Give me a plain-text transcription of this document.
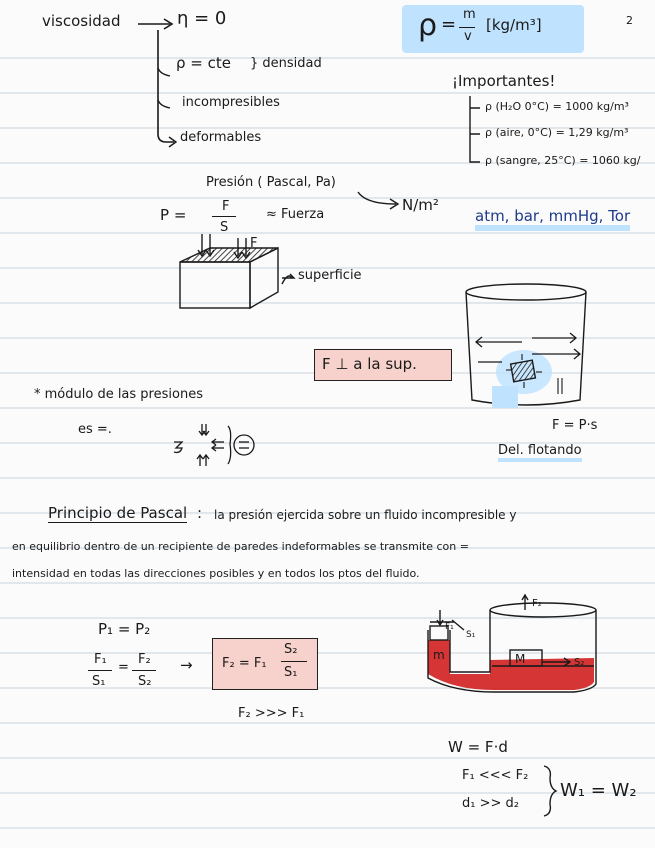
2
viscosidad	η = 0
ρ = cte } densidad
incompresibles
deformables
ρ = m
v
[kg/m³]
¡Importantes!
ρ (H₂O 0°C) = 1000 kg/m³
ρ (aire, 0°C) = 1,29 kg/m³
ρ (sangre, 25°C) = 1060 kg/
Presión ( Pascal, Pa)
N/m²
P =	F
S
≈ Fuerza	atm, bar, mmHg, Tor
F
superficie
F ⊥ a la sup.
F = P·s
Del. flotando
* módulo de las presiones
es =.
Principio de Pascal : la presión ejercida sobre un fluido incompresible y
en equilibrio dentro de un recipiente de paredes indeformables se transmite con =
intensidad en todas las direcciones posibles y en todos los ptos del fluido.
P₁ = P₂
F₁
S₁
=
F₂
S₂
→ F₂ = F₁
S₂
S₁
F₂ >>> F₁
F₁
S₁
m	M
F₂
S₂
W = F·d
F₁ <<< F₂
d₁ >> d₂
W₁ = W₂
